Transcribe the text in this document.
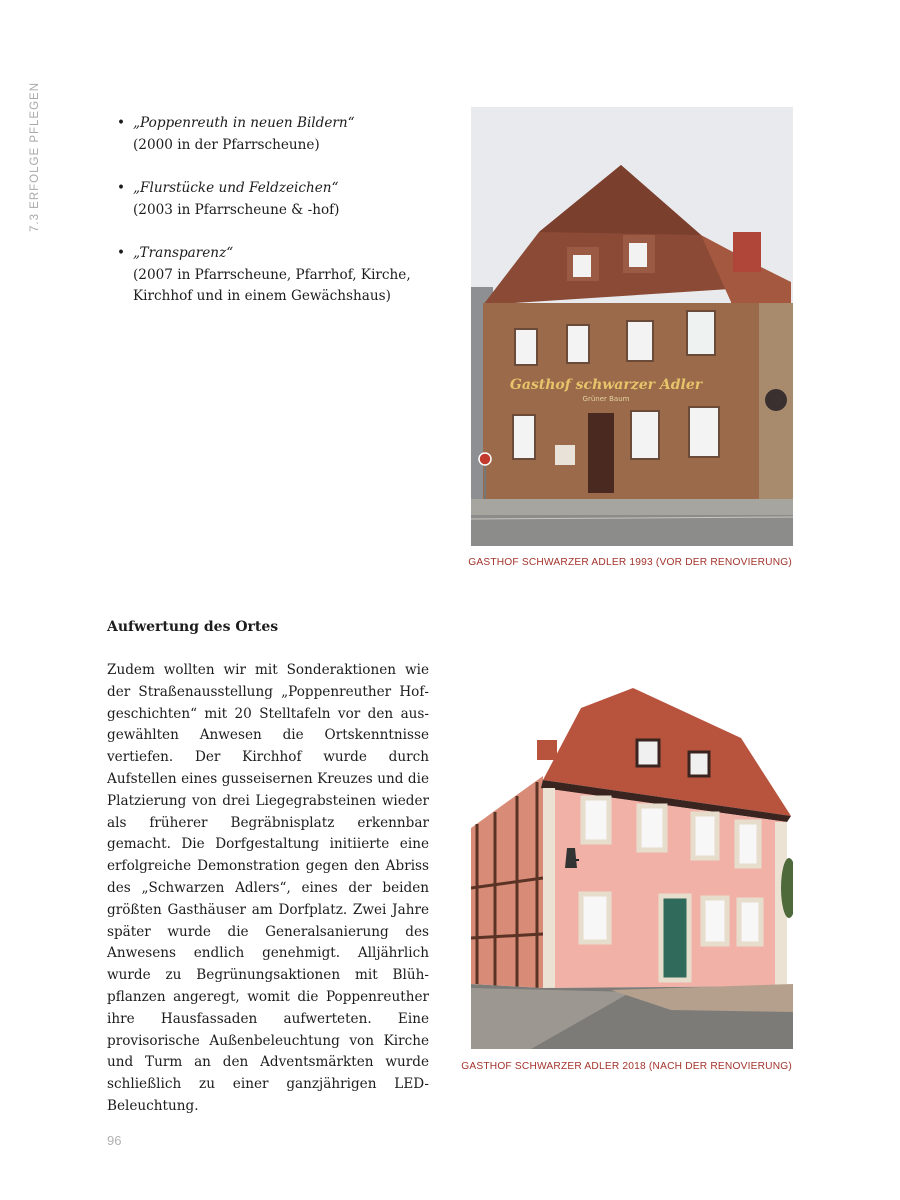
7.3 ERFOLGE PFLEGEN	• „Poppenreuth in neuen Bildern“
(2000 in der Pfarrscheune)
• „Flurstücke und Feldzeichen“
(2003 in Pfarrscheune & -hof)
• „Transparenz“
(2007 in Pfarrscheune, Pfarrhof, Kirche, Kirchhof und in einem Gewächshaus)
Gasthof schwarzer Adler
Grüner Baum
GASTHOF SCHWARZER ADLER 1993 (VOR DER RENOVIERUNG)
Aufwertung des Ortes

Zudem wollten wir mit Sonderaktionen wie der Straßenausstellung „Poppenreuther Hofgeschichten“ mit 20 Stelltafeln vor den ausgewählten Anwesen die Ortskenntnisse vertiefen. Der Kirchhof wurde durch Aufstellen eines gusseisernen Kreuzes und die Platzierung von drei Liegegrabsteinen wieder als früherer Begräbnisplatz erkennbar gemacht. Die Dorfgestaltung initiierte eine erfolgreiche Demonstration gegen den Abriss des „Schwarzen Adlers“, eines der beiden größten Gasthäuser am Dorfplatz. Zwei Jahre später wurde die Generalsanierung des Anwesens endlich genehmigt. Alljährlich wurde zu Begrünungsaktionen mit Blühpflanzen angeregt, womit die Poppenreuther ihre Hausfassaden aufwerteten. Eine provisorische Außenbeleuchtung von Kirche und Turm an den Adventsmärkten wurde schließlich zu einer ganzjährigen LED-Beleuchtung.

GASTHOF SCHWARZER ADLER 2018 (NACH DER RENOVIERUNG)
96
